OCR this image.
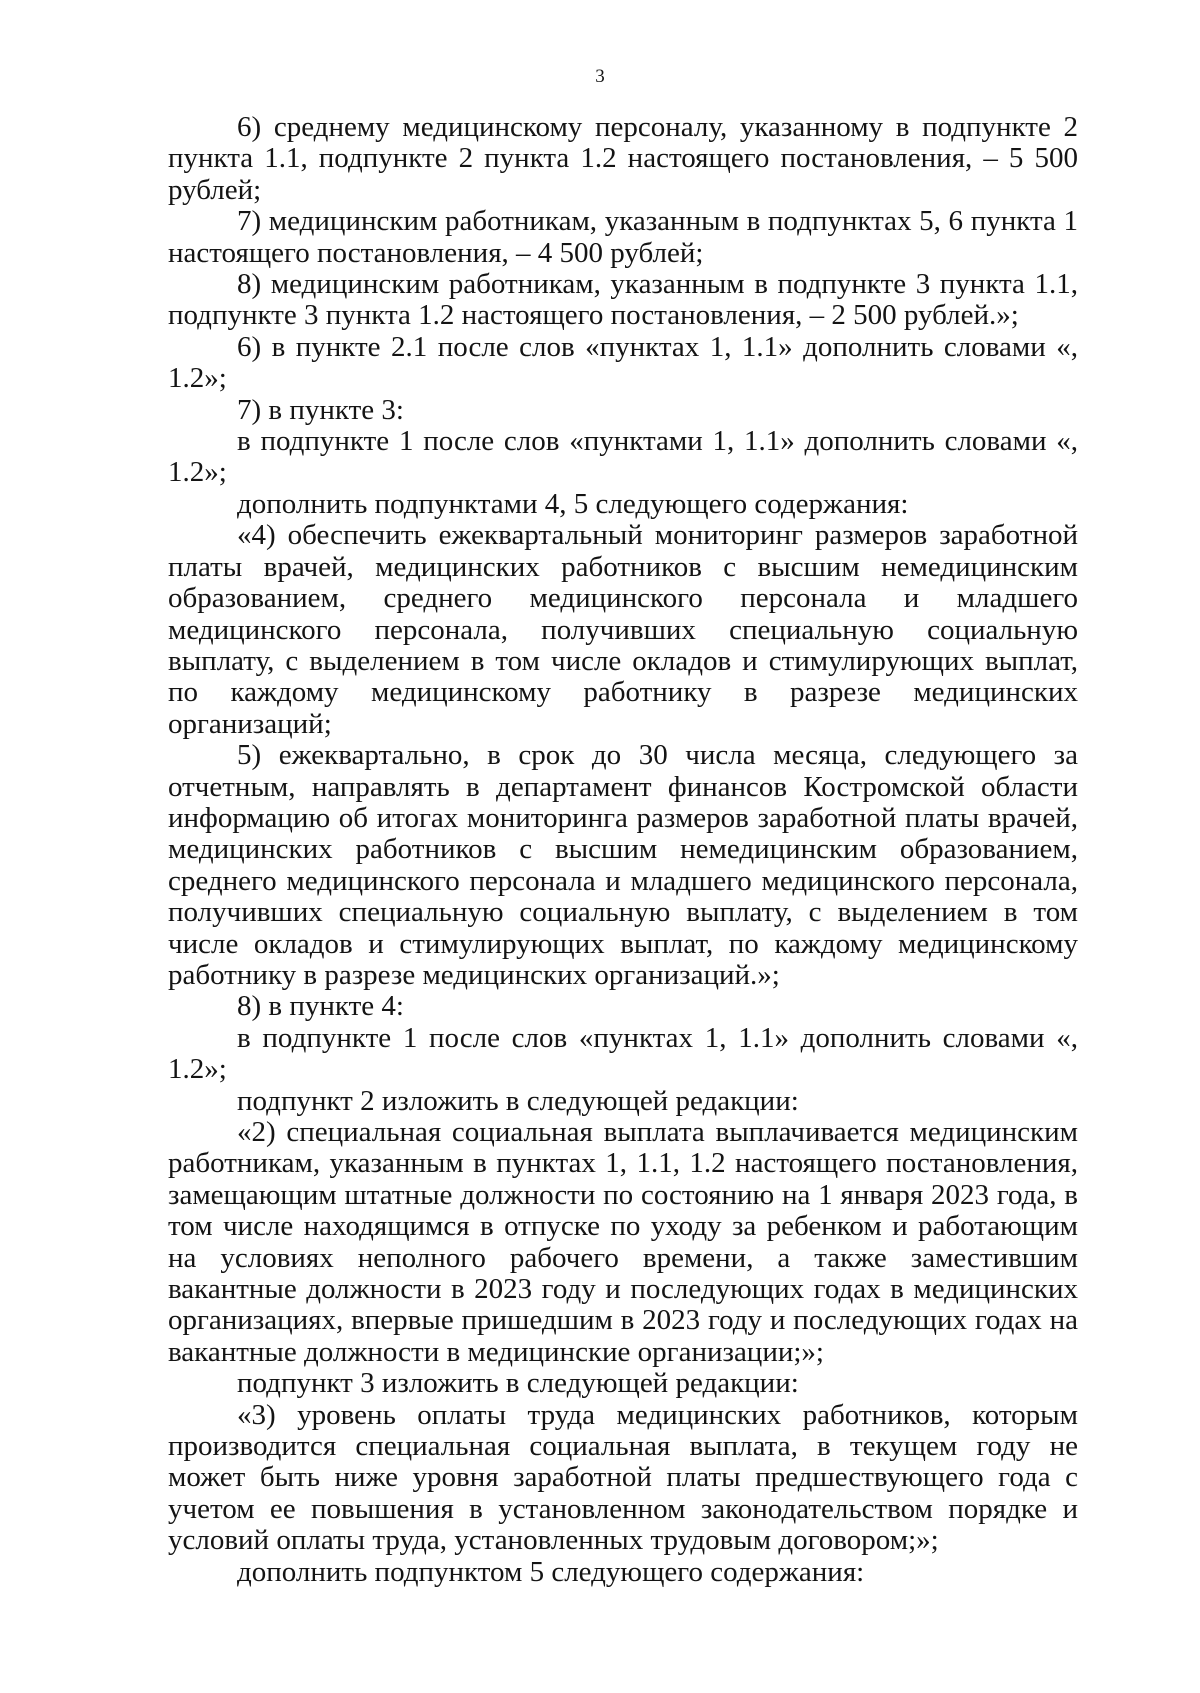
3

6) среднему медицинскому персоналу, указанному в подпункте 2 пункта 1.1, подпункте 2 пункта 1.2 настоящего постановления, – 5 500 рублей;

7) медицинским работникам, указанным в подпунктах 5, 6 пункта 1 настоящего постановления, – 4 500 рублей;

8) медицинским работникам, указанным в подпункте 3 пункта 1.1, подпункте 3 пункта 1.2 настоящего постановления, – 2 500 рублей.»;

6) в пункте 2.1 после слов «пунктах 1, 1.1» дополнить словами «, 1.2»;

7) в пункте 3:

в подпункте 1 после слов «пунктами 1, 1.1» дополнить словами «, 1.2»;

дополнить подпунктами 4, 5 следующего содержания:

«4) обеспечить ежеквартальный мониторинг размеров заработной платы врачей, медицинских работников с высшим немедицинским образованием, среднего медицинского персонала и младшего медицинского персонала, получивших специальную социальную выплату, с выделением в том числе окладов и стимулирующих выплат, по каждому медицинскому работнику в разрезе медицинских организаций;

5) ежеквартально, в срок до 30 числа месяца, следующего за отчетным, направлять в департамент финансов Костромской области информацию об итогах мониторинга размеров заработной платы врачей, медицинских работников с высшим немедицинским образованием, среднего медицинского персонала и младшего медицинского персонала, получивших специальную социальную выплату, с выделением в том числе окладов и стимулирующих выплат, по каждому медицинскому работнику в разрезе медицинских организаций.»;

8) в пункте 4:

в подпункте 1 после слов «пунктах 1, 1.1» дополнить словами «, 1.2»;

подпункт 2 изложить в следующей редакции:

«2) специальная социальная выплата выплачивается медицинским работникам, указанным в пунктах 1, 1.1, 1.2 настоящего постановления, замещающим штатные должности по состоянию на 1 января 2023 года, в том числе находящимся в отпуске по уходу за ребенком и работающим на условиях неполного рабочего времени, а также заместившим вакантные должности в 2023 году и последующих годах в медицинских организациях, впервые пришедшим в 2023 году и последующих годах на вакантные должности в медицинские организации;»;

подпункт 3 изложить в следующей редакции:

«3) уровень оплаты труда медицинских работников, которым производится специальная социальная выплата, в текущем году не может быть ниже уровня заработной платы предшествующего года с учетом ее повышения в установленном законодательством порядке и условий оплаты труда, установленных трудовым договором;»;

дополнить подпунктом 5 следующего содержания:
